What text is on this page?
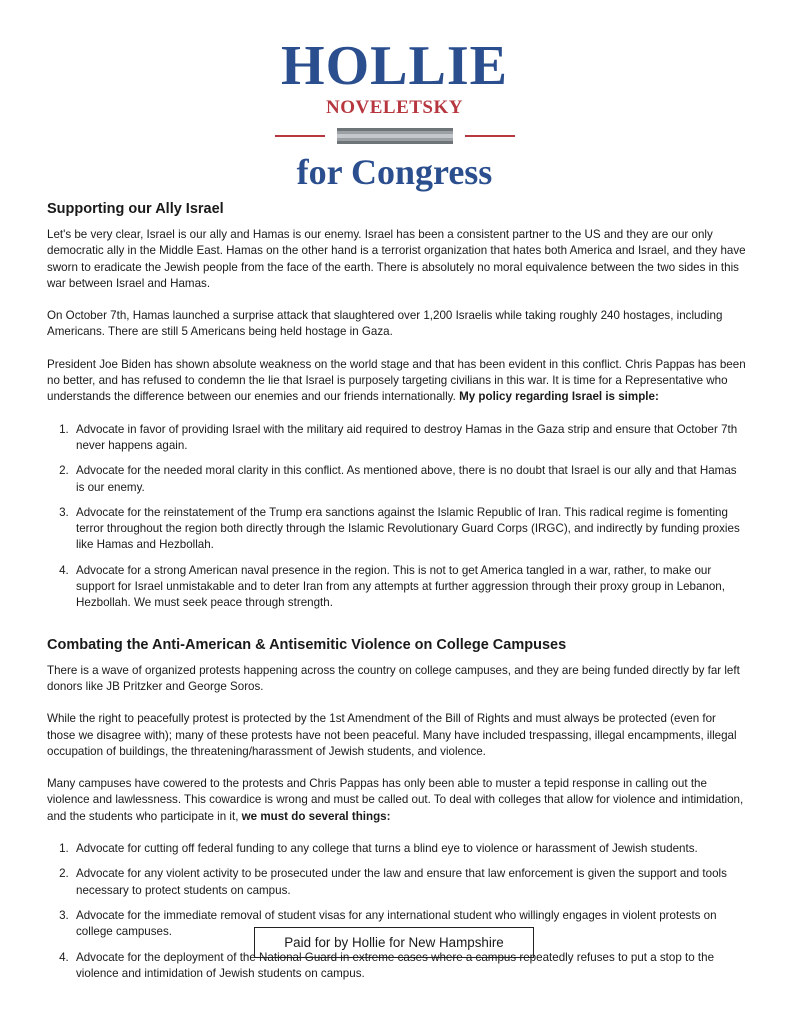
HOLLIE
NOVELETSKY
for Congress
Supporting our Ally Israel

Let's be very clear, Israel is our ally and Hamas is our enemy. Israel has been a consistent partner to the US and they are our only democratic ally in the Middle East. Hamas on the other hand is a terrorist organization that hates both America and Israel, and they have sworn to eradicate the Jewish people from the face of the earth. There is absolutely no moral equivalence between the two sides in this war between Israel and Hamas.

On October 7th, Hamas launched a surprise attack that slaughtered over 1,200 Israelis while taking roughly 240 hostages, including Americans. There are still 5 Americans being held hostage in Gaza.

President Joe Biden has shown absolute weakness on the world stage and that has been evident in this conflict. Chris Pappas has been no better, and has refused to condemn the lie that Israel is purposely targeting civilians in this war. It is time for a Representative who understands the difference between our enemies and our friends internationally. My policy regarding Israel is simple:

1. Advocate in favor of providing Israel with the military aid required to destroy Hamas in the Gaza strip and ensure that October 7th never happens again.
2. Advocate for the needed moral clarity in this conflict. As mentioned above, there is no doubt that Israel is our ally and that Hamas is our enemy.
3. Advocate for the reinstatement of the Trump era sanctions against the Islamic Republic of Iran. This radical regime is fomenting terror throughout the region both directly through the Islamic Revolutionary Guard Corps (IRGC), and indirectly by funding proxies like Hamas and Hezbollah.
4. Advocate for a strong American naval presence in the region. This is not to get America tangled in a war, rather, to make our support for Israel unmistakable and to deter Iran from any attempts at further aggression through their proxy group in Lebanon, Hezbollah. We must seek peace through strength.
Combating the Anti-American & Antisemitic Violence on College Campuses

There is a wave of organized protests happening across the country on college campuses, and they are being funded directly by far left donors like JB Pritzker and George Soros.

While the right to peacefully protest is protected by the 1st Amendment of the Bill of Rights and must always be protected (even for those we disagree with); many of these protests have not been peaceful. Many have included trespassing, illegal encampments, illegal occupation of buildings, the threatening/harassment of Jewish students, and violence.

Many campuses have cowered to the protests and Chris Pappas has only been able to muster a tepid response in calling out the violence and lawlessness. This cowardice is wrong and must be called out. To deal with colleges that allow for violence and intimidation, and the students who participate in it, we must do several things:

1. Advocate for cutting off federal funding to any college that turns a blind eye to violence or harassment of Jewish students.
2. Advocate for any violent activity to be prosecuted under the law and ensure that law enforcement is given the support and tools necessary to protect students on campus.
3. Advocate for the immediate removal of student visas for any international student who willingly engages in violent protests on college campuses.
4. Advocate for the deployment of the National Guard in extreme cases where a campus repeatedly refuses to put a stop to the violence and intimidation of Jewish students on campus.
Paid for by Hollie for New Hampshire
